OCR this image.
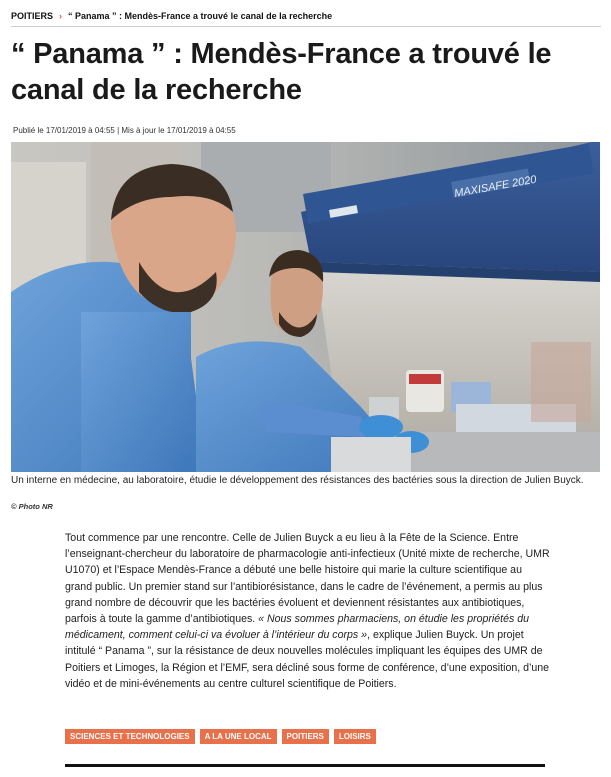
POITIERS › “ Panama ” : Mendès-France a trouvé le canal de la recherche
“ Panama ” : Mendès-France a trouvé le canal de la recherche
Publié le 17/01/2019 à 04:55 | Mis à jour le 17/01/2019 à 04:55
MAXISAFE 2020

Un interne en médecine, au laboratoire, étudie le développement des résistances des bactéries sous la direction de Julien Buyck.

© Photo NR
Tout commence par une rencontre. Celle de Julien Buyck a eu lieu à la Fête de la Science. Entre l’enseignant-chercheur du laboratoire de pharmacologie anti-infectieux (Unité mixte de recherche, UMR U1070) et l’Espace Mendès-France a débuté une belle histoire qui marie la culture scientifique au grand public. Un premier stand sur l’antibiorésistance, dans le cadre de l’événement, a permis au plus grand nombre de découvrir que les bactéries évoluent et deviennent résistantes aux antibiotiques, parfois à toute la gamme d’antibiotiques. « Nous sommes pharmaciens, on étudie les propriétés du médicament, comment celui-ci va évoluer à l’intérieur du corps », explique Julien Buyck. Un projet intitulé “ Panama ”, sur la résistance de deux nouvelles molécules impliquant les équipes des UMR de Poitiers et Limoges, la Région et l’EMF, sera décliné sous forme de conférence, d’une exposition, d’une vidéo et de mini-événements au centre culturel scientifique de Poitiers.
SCIENCES ET TECHNOLOGIES	A LA UNE LOCAL	POITIERS	LOISIRS
